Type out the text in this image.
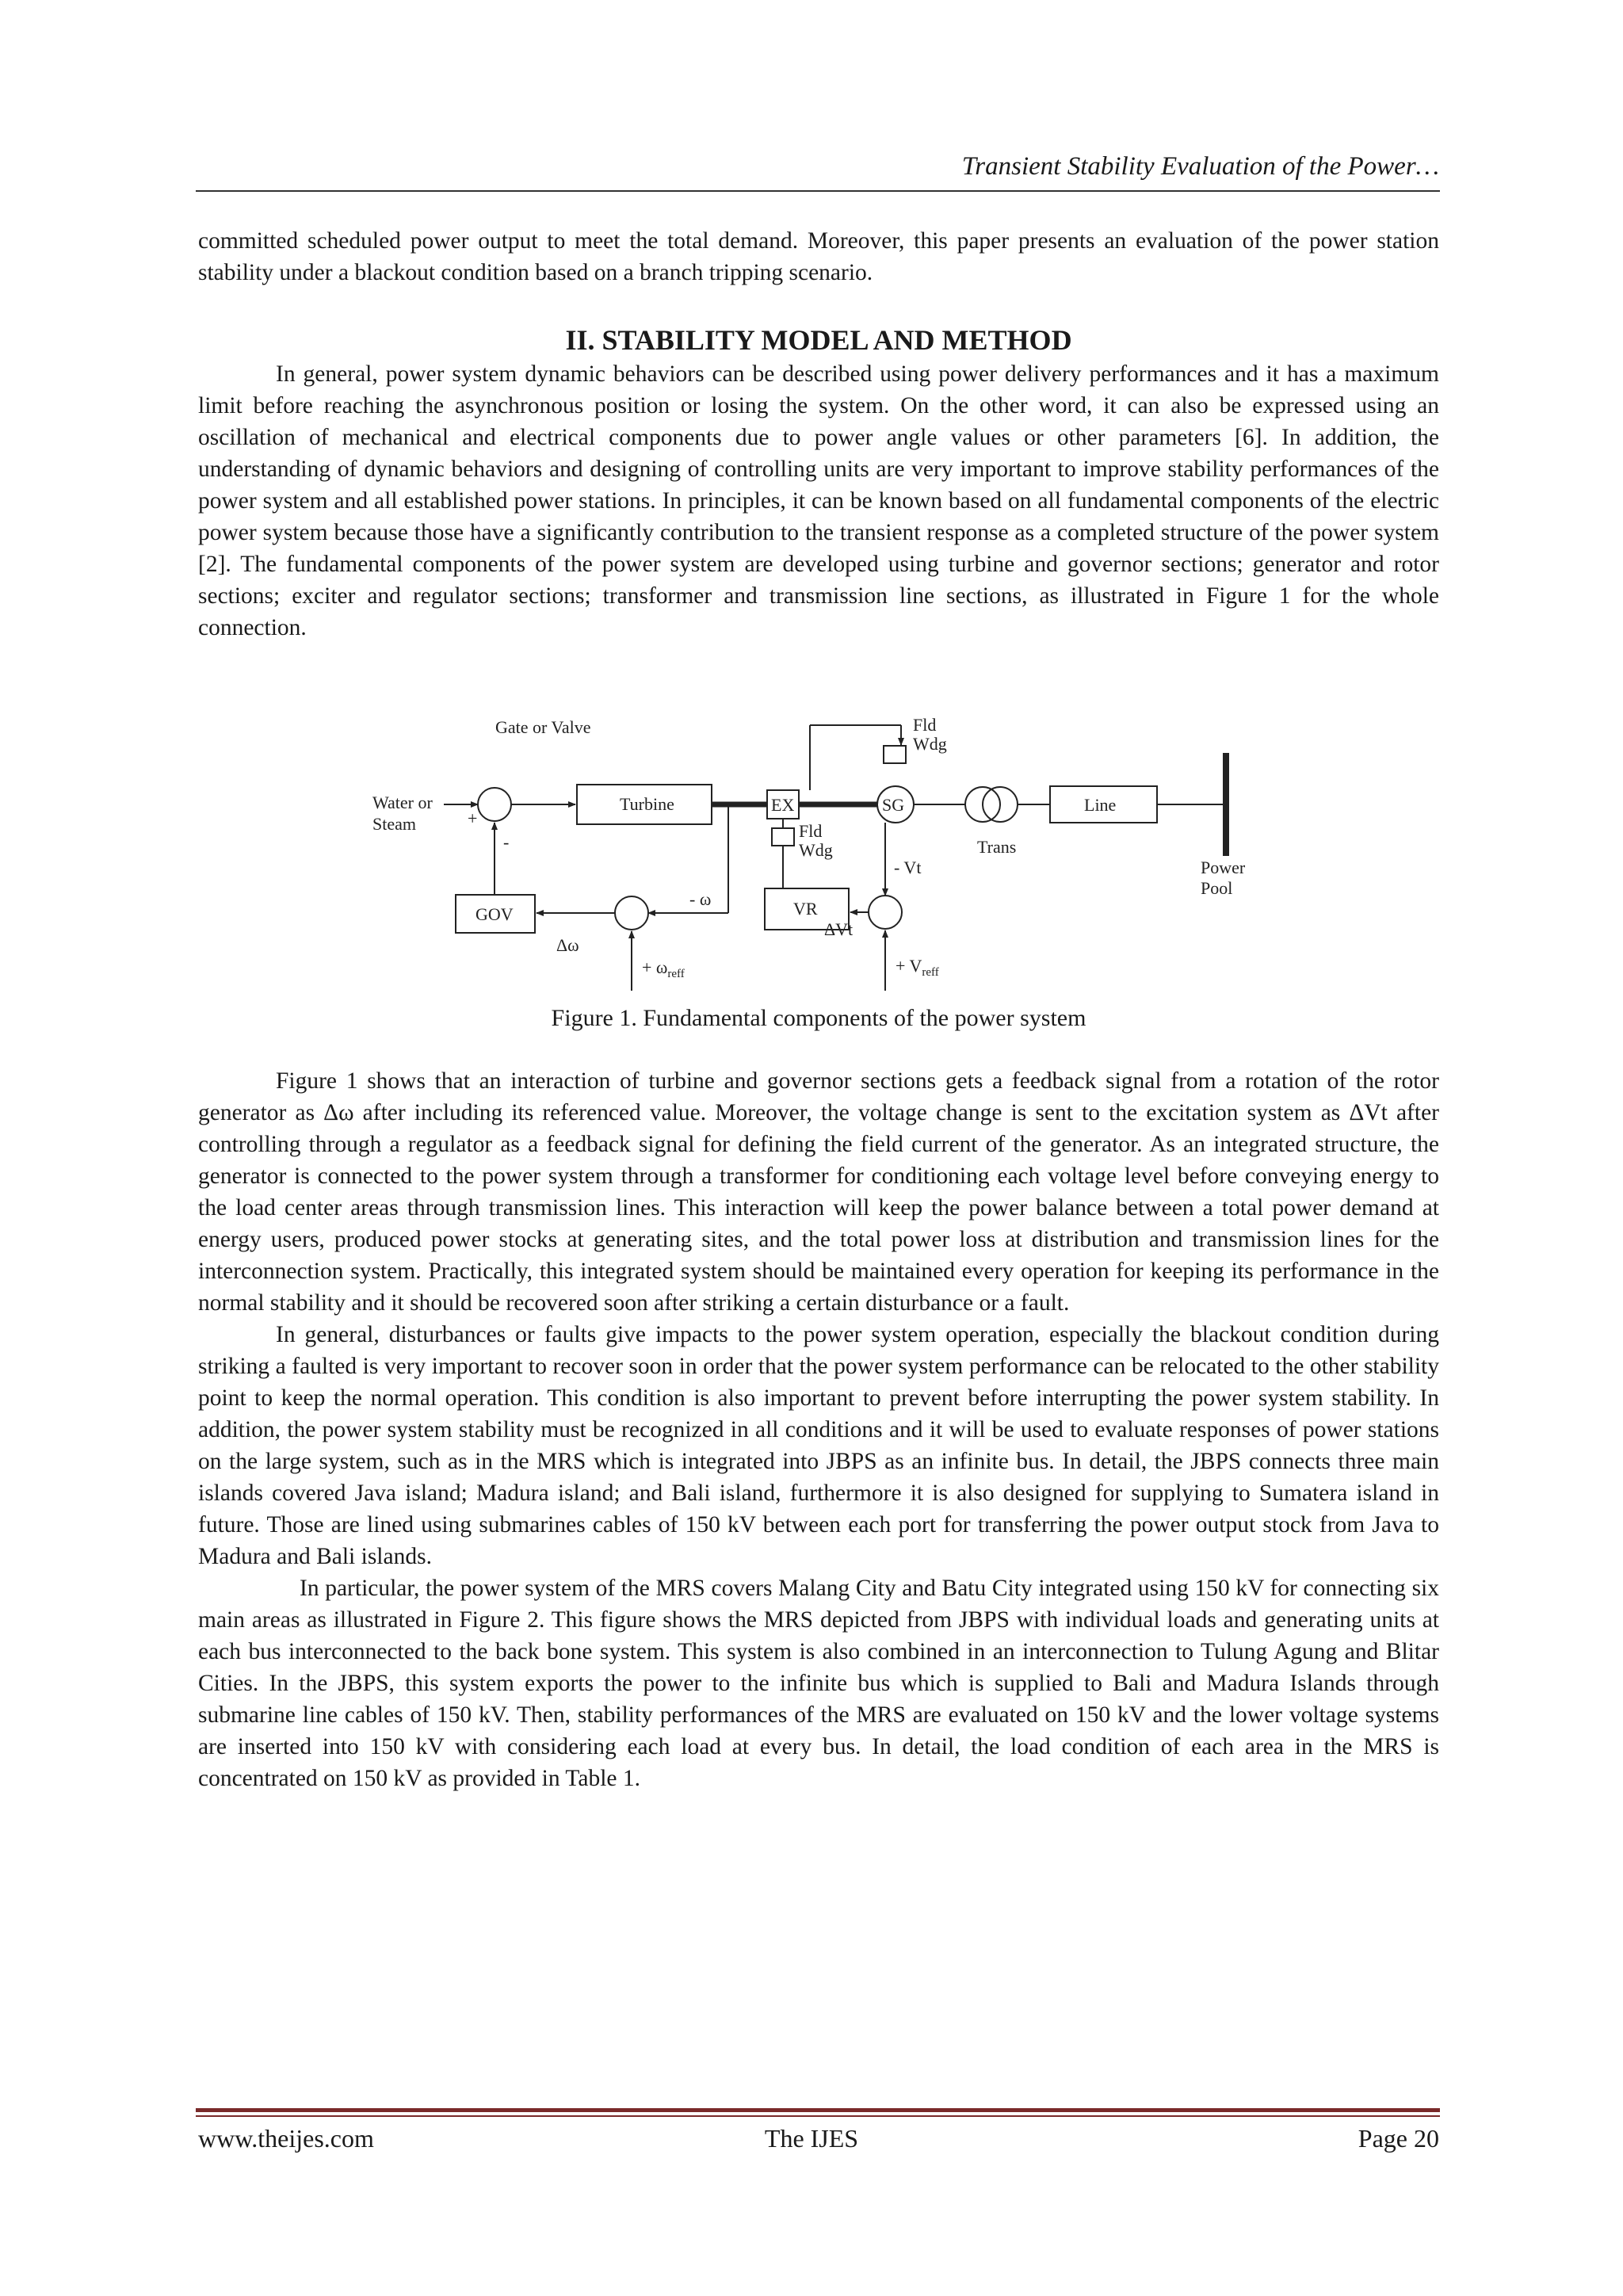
Transient Stability Evaluation of the Power…

committed scheduled power output to meet the total demand. Moreover, this paper presents an evaluation of the power station stability under a blackout condition based on a branch tripping scenario.

II. STABILITY MODEL AND METHOD

In general, power system dynamic behaviors can be described using power delivery performances and it has a maximum limit before reaching the asynchronous position or losing the system. On the other word, it can also be expressed using an oscillation of mechanical and electrical components due to power angle values or other parameters [6]. In addition, the understanding of dynamic behaviors and designing of controlling units are very important to improve stability performances of the power system and all established power stations. In principles, it can be known based on all fundamental components of the electric power system because those have a significantly contribution to the transient response as a completed structure of the power system [2]. The fundamental components of the power system are developed using turbine and governor sections; generator and rotor sections; exciter and regulator sections; transformer and transmission line sections, as illustrated in Figure 1 for the whole connection.

Gate or Valve
Water or
Steam	+
-
Turbine	EX	SG
Fld
Wdg
Fld
Wdg	Trans
Line
Power
Pool
- Vt
GOV	VR
- ω
Δω
ΔVt
+ $\omega_{reff}$	+ $V_{reff}$
Figure 1. Fundamental components of the power system

Figure 1 shows that an interaction of turbine and governor sections gets a feedback signal from a rotation of the rotor generator as Δω after including its referenced value. Moreover, the voltage change is sent to the excitation system as ΔVt after controlling through a regulator as a feedback signal for defining the field current of the generator. As an integrated structure, the generator is connected to the power system through a transformer for conditioning each voltage level before conveying energy to the load center areas through transmission lines. This interaction will keep the power balance between a total power demand at energy users, produced power stocks at generating sites, and the total power loss at distribution and transmission lines for the interconnection system. Practically, this integrated system should be maintained every operation for keeping its performance in the normal stability and it should be recovered soon after striking a certain disturbance or a fault.

In general, disturbances or faults give impacts to the power system operation, especially the blackout condition during striking a faulted is very important to recover soon in order that the power system performance can be relocated to the other stability point to keep the normal operation. This condition is also important to prevent before interrupting the power system stability. In addition, the power system stability must be recognized in all conditions and it will be used to evaluate responses of power stations on the large system, such as in the MRS which is integrated into JBPS as an infinite bus. In detail, the JBPS connects three main islands covered Java island; Madura island; and Bali island, furthermore it is also designed for supplying to Sumatera island in future. Those are lined using submarines cables of 150 kV between each port for transferring the power output stock from Java to Madura and Bali islands.

In particular, the power system of the MRS covers Malang City and Batu City integrated using 150 kV for connecting six main areas as illustrated in Figure 2. This figure shows the MRS depicted from JBPS with individual loads and generating units at each bus interconnected to the back bone system. This system is also combined in an interconnection to Tulung Agung and Blitar Cities. In the JBPS, this system exports the power to the infinite bus which is supplied to Bali and Madura Islands through submarine line cables of 150 kV. Then, stability performances of the MRS are evaluated on 150 kV and the lower voltage systems are inserted into 150 kV with considering each load at every bus. In detail, the load condition of each area in the MRS is concentrated on 150 kV as provided in Table 1.

www.theijes.com	The IJES	Page 20
